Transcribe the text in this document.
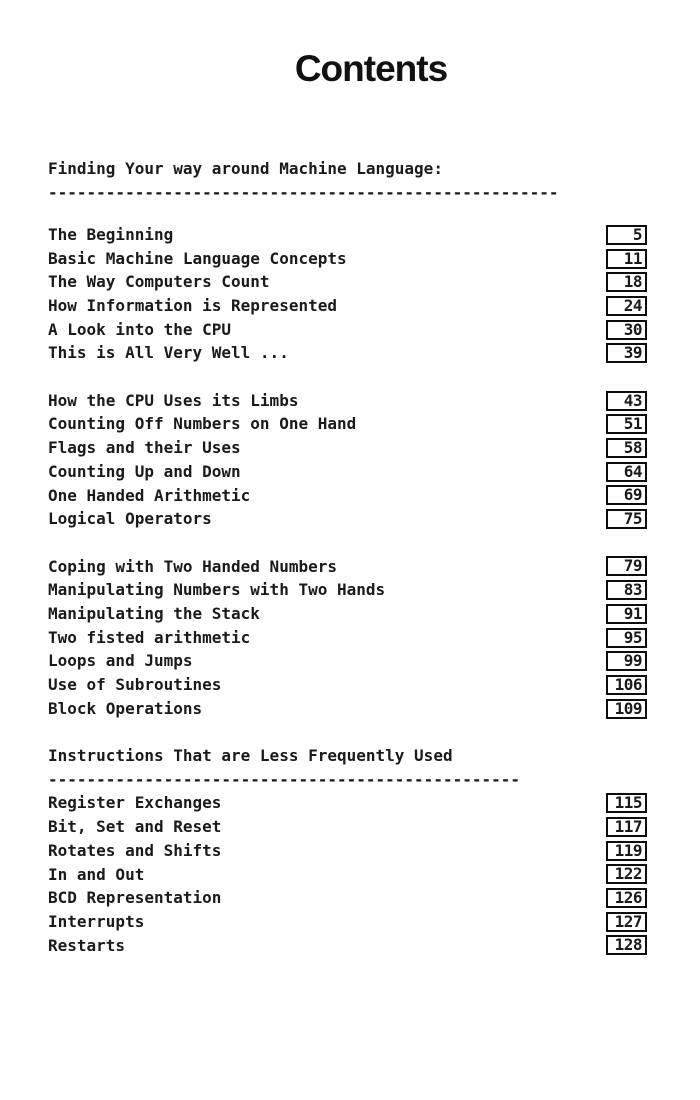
Contents
Finding Your way around Machine Language:
-----------------------------------------------------
The Beginning	5
Basic Machine Language Concepts	11
The Way Computers Count	18
How Information is Represented	24
A Look into the CPU	30
This is All Very Well ...	39
How the CPU Uses its Limbs	43
Counting Off Numbers on One Hand	51
Flags and their Uses	58
Counting Up and Down	64
One Handed Arithmetic	69
Logical Operators	75
Coping with Two Handed Numbers	79
Manipulating Numbers with Two Hands	83
Manipulating the Stack	91
Two fisted arithmetic	95
Loops and Jumps	99
Use of Subroutines	106
Block Operations	109
Instructions That are Less Frequently Used
-------------------------------------------------
Register Exchanges	115
Bit, Set and Reset	117
Rotates and Shifts	119
In and Out	122
BCD Representation	126
Interrupts	127
Restarts	128
